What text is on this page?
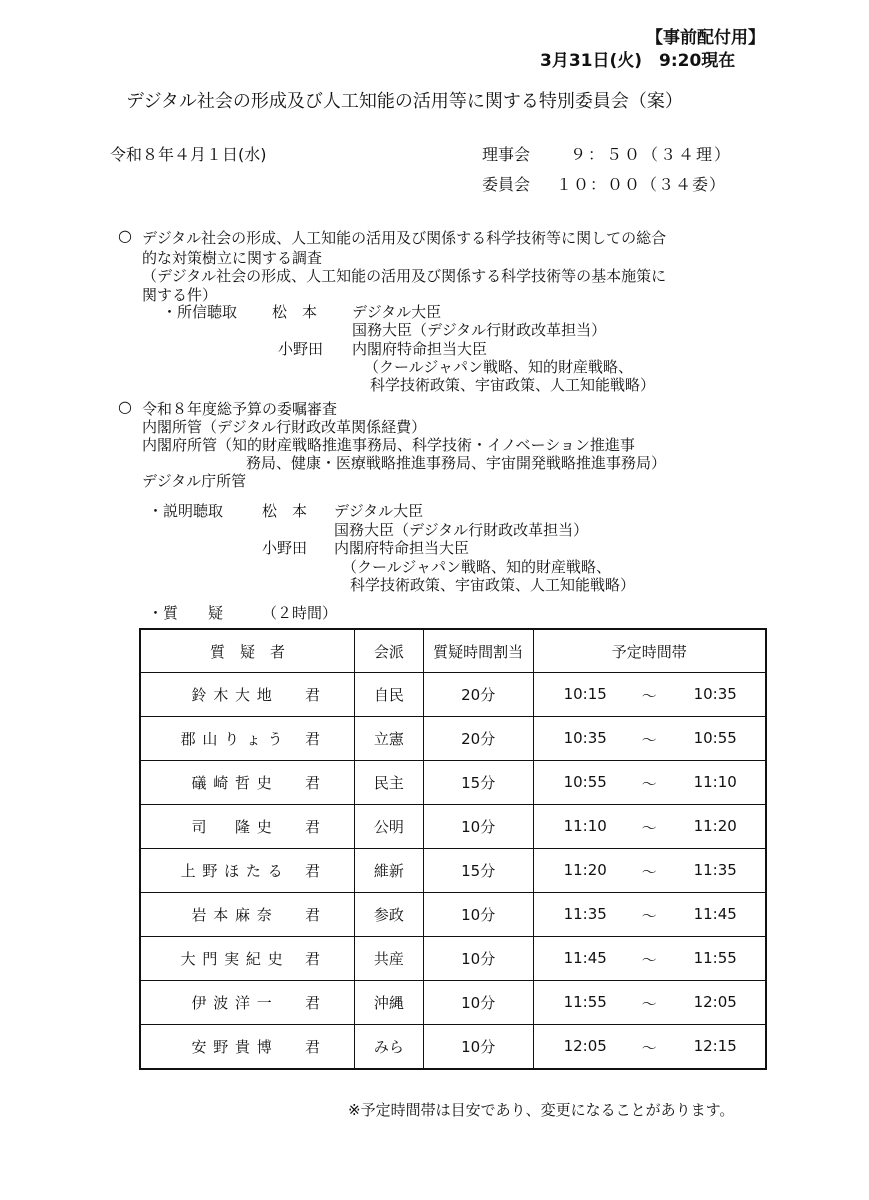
【事前配付用】
3月31日(火)　9:20現在
デジタル社会の形成及び人工知能の活用等に関する特別委員会（案）
令和８年４月１日(水)	理事会 ９：５０（３４理）
委員会 １０：００（３４委）
○ デジタル社会の形成、人工知能の活用及び関係する科学技術等に関しての総合
的な対策樹立に関する調査
（デジタル社会の形成、人工知能の活用及び関係する科学技術等の基本施策に
関する件）
・所信聴取 松　本 デジタル大臣
国務大臣（デジタル行財政改革担当）
小野田 内閣府特命担当大臣
（クールジャパン戦略、知的財産戦略、
科学技術政策、宇宙政策、人工知能戦略）
○ 令和８年度総予算の委嘱審査
内閣所管（デジタル行財政改革関係経費）
内閣府所管（知的財産戦略推進事務局、科学技術・イノベーション推進事
務局、健康・医療戦略推進事務局、宇宙開発戦略推進事務局）
デジタル庁所管
・説明聴取	松　本 デジタル大臣
国務大臣（デジタル行財政改革担当）
小野田 内閣府特命担当大臣
（クールジャパン戦略、知的財産戦略、
科学技術政策、宇宙政策、人工知能戦略）
・質　　疑	（２時間）
質　疑　者	会派	質疑時間割当	予定時間帯
鈴木大地 君	自民	20分	10:15 〜 10:35

郡山りょう 君	立憲	20分	10:35 〜 10:55

礒崎哲史 君	民主	15分	10:55 〜 11:10

司　隆史 君	公明	10分	11:10 〜 11:20

上野ほたる 君	維新	15分	11:20 〜 11:35

岩本麻奈 君	参政	10分	11:35 〜 11:45

大門実紀史 君	共産	10分	11:45 〜 11:55

伊波洋一 君	沖縄	10分	11:55 〜 12:05

安野貴博 君	みら	10分	12:05 〜 12:15
※予定時間帯は目安であり、変更になることがあります。
